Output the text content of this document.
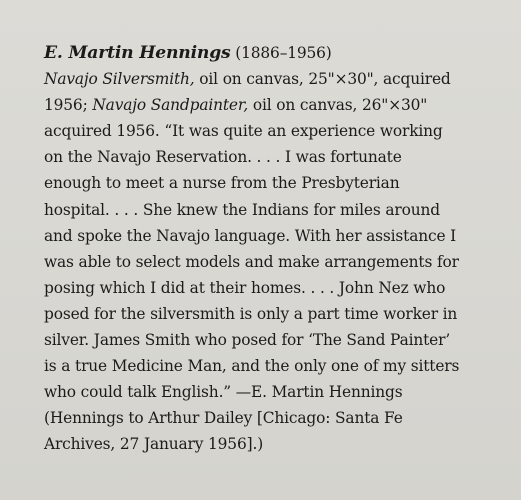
E. Martin Hennings (1886–1956)
Navajo Silversmith, oil on canvas, 25"×30", acquired
1956; Navajo Sandpainter, oil on canvas, 26"×30"
acquired 1956. “It was quite an experience working
on the Navajo Reservation. . . . I was fortunate
enough to meet a nurse from the Presbyterian
hospital. . . . She knew the Indians for miles around
and spoke the Navajo language. With her assistance I
was able to select models and make arrangements for
posing which I did at their homes. . . . John Nez who
posed for the silversmith is only a part time worker in
silver. James Smith who posed for ‘The Sand Painter’
is a true Medicine Man, and the only one of my sitters
who could talk English.” —E. Martin Hennings
(Hennings to Arthur Dailey [Chicago: Santa Fe
Archives, 27 January 1956].)
